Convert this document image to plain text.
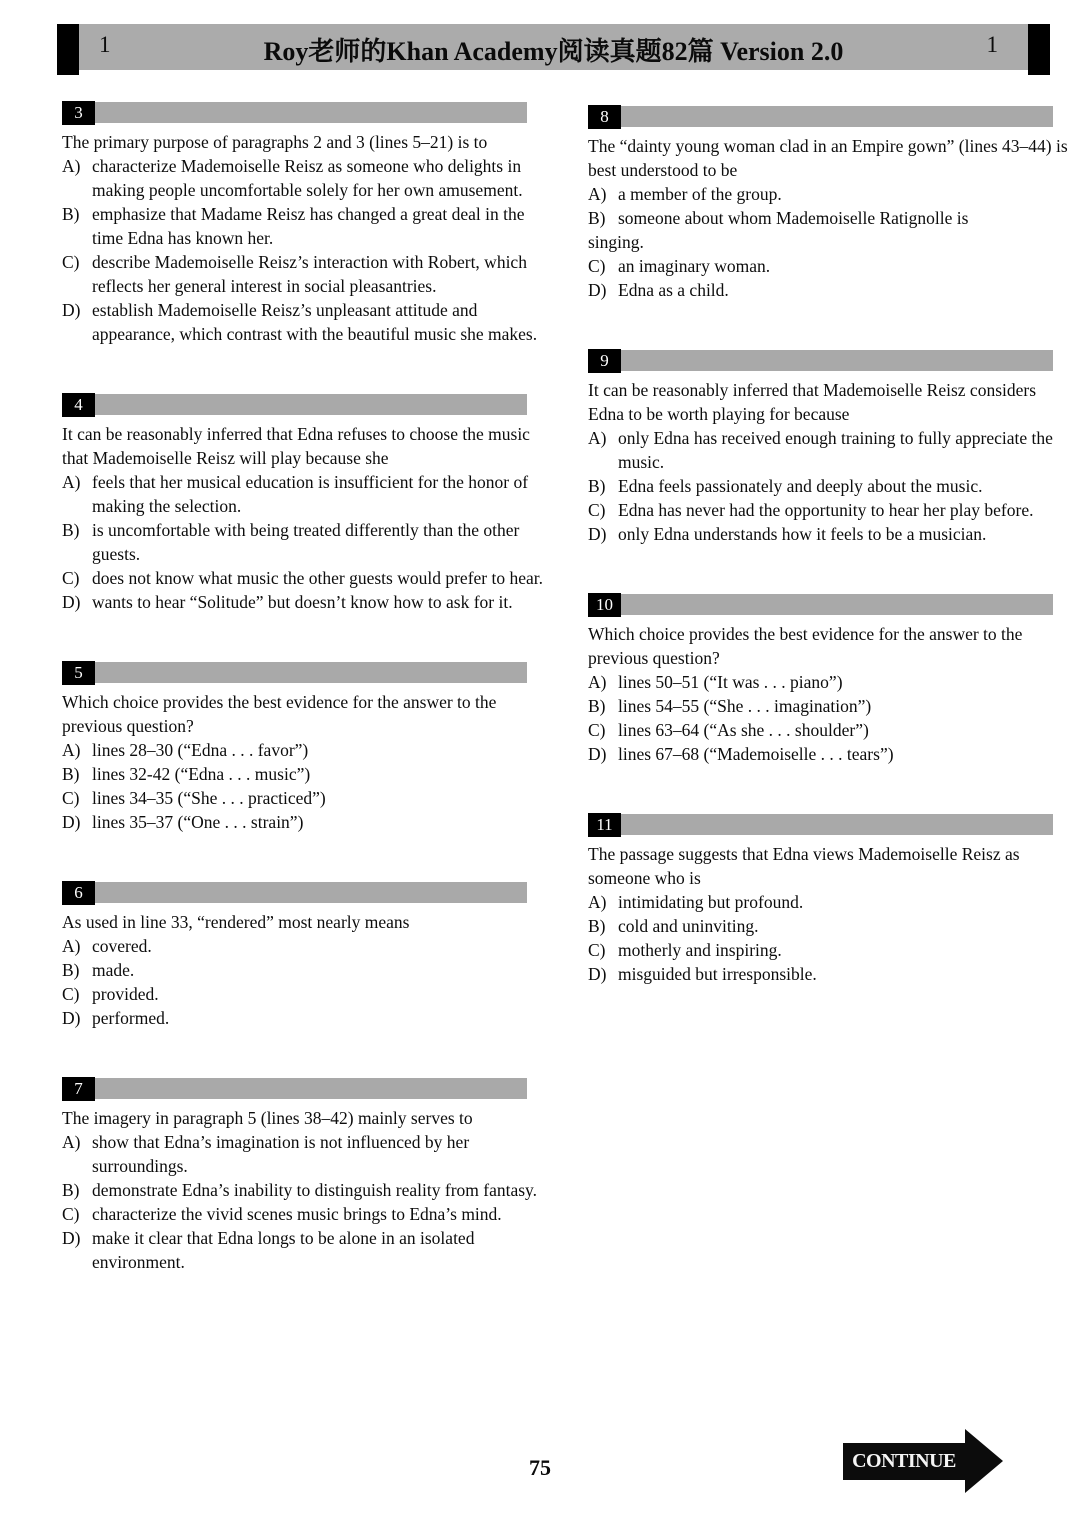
1	Roy老师的Khan Academy阅读真题82篇 Version 2.0	1
3
The primary purpose of paragraphs 2 and 3 (lines 5–21) is to
A) characterize Mademoiselle Reisz as someone who delights in making people uncomfortable solely for her own amusement.
B) emphasize that Madame Reisz has changed a great deal in the time Edna has known her.
C) describe Mademoiselle Reisz’s interaction with Robert, which reflects her general interest in social pleasantries.
D) establish Mademoiselle Reisz’s unpleasant attitude and appearance, which contrast with the beautiful music she makes.
4
It can be reasonably inferred that Edna refuses to choose the music that Mademoiselle Reisz will play because she
A) feels that her musical education is insufficient for the honor of making the selection.
B) is uncomfortable with being treated differently than the other guests.
C) does not know what music the other guests would prefer to hear.
D) wants to hear “Solitude” but doesn’t know how to ask for it.
5
Which choice provides the best evidence for the answer to the previous question?
A) lines 28–30 (“Edna . . . favor”)
B) lines 32-42 (“Edna . . . music”)
C) lines 34–35 (“She . . . practiced”)
D) lines 35–37 (“One . . . strain”)
6
As used in line 33, “rendered” most nearly means
A) covered.
B) made.
C) provided.
D) performed.
7
The imagery in paragraph 5 (lines 38–42) mainly serves to
A) show that Edna’s imagination is not influenced by her surroundings.
B) demonstrate Edna’s inability to distinguish reality from fantasy.
C) characterize the vivid scenes music brings to Edna’s mind.
D) make it clear that Edna longs to be alone in an isolated environment.
8
The “dainty young woman clad in an Empire gown” (lines 43–44) is best understood to be
A) a member of the group.
B) someone about whom Mademoiselle Ratignolle is
singing.
C) an imaginary woman.
D) Edna as a child.
9
It can be reasonably inferred that Mademoiselle Reisz considers Edna to be worth playing for because
A) only Edna has received enough training to fully appreciate the music.
B) Edna feels passionately and deeply about the music.
C) Edna has never had the opportunity to hear her play before.
D) only Edna understands how it feels to be a musician.
10
Which choice provides the best evidence for the answer to the previous question?
A) lines 50–51 (“It was . . . piano”)
B) lines 54–55 (“She . . . imagination”)
C) lines 63–64 (“As she . . . shoulder”)
D) lines 67–68 (“Mademoiselle . . . tears”)
11
The passage suggests that Edna views Mademoiselle Reisz as someone who is
A) intimidating but profound.
B) cold and uninviting.
C) motherly and inspiring.
D) misguided but irresponsible.
75	CONTINUE
